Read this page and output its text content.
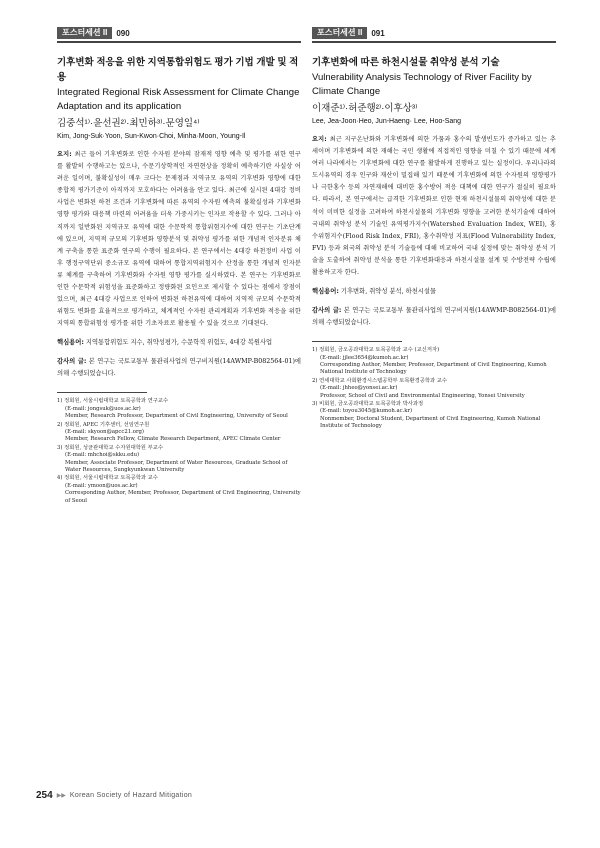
포스터세션 II	090

기후변화 적응을 위한 지역통합위험도 평가 기법 개발 및 적용

Integrated Regional Risk Assessment for Climate Change Adaptation and its application

김중석¹⁾·윤선권²⁾·최민하³⁾·문영일⁴⁾
Kim, Jong-Suk·Yoon, Sun-Kwon·Choi, Minha·Moon, Young-Il
요지: 최근 들어 기후변화로 인한 수자원 분야의 잠재적 영향 예측 및 평가를 위한 연구를 활발히 수행하고는 있으나, 수문기상학적인 자연현상을 정확히 예측하기란 사실상 어려운 일이며, 불확실성이 매우 크다는 문제점과 지역규모 유역의 기후변화 영향에 대한 종합적 평가기준이 아직까지 모호하다는 어려움을 안고 있다. 최근에 실시된 4대강 정비 사업은 변화된 하천 조건과 기후변화에 따른 유역의 수자원 예측의 불확실성과 기후변화 영향 평가와 대응책 마련의 어려움을 더욱 가중시키는 인자로 작용할 수 있다. 그러나 아직까지 일반화된 지역규모 유역에 대한 수문학적 통합위험지수에 대한 연구는 기초단계에 있으며, 지역적 규모의 기후변화 영향분석 및 취약성 평가를 위한 개념적 인자분류 체계 구축을 통한 표준화 연구의 수행이 필요하다. 본 연구에서는 4대강 하천정비 사업 이후 행정구역단위 중소규모 유역에 대하여 통합지역위험지수 산정을 통한 개념적 인자분류 체계를 구축하여 기후변화와 수자원 영향 평가를 실시하였다. 본 연구는 기후변화로 인한 수문학적 위험성을 표준화하고 정량화된 요인으로 제시할 수 있다는 점에서 장점이 있으며, 최근 4대강 사업으로 인하여 변화된 하천유역에 대하여 지역적 규모의 수문학적 위험도 변화를 효율적으로 평가하고, 체계적인 수자원 관리계획과 기후변화 적응을 위한 지역의 통합위험성 평가를 위한 기초자료로 활용될 수 있을 것으로 기대된다.
핵심용어: 지역통합위험도 지수, 취약성평가, 수문학적 위험도, 4대강 복원사업
감사의 글: 본 연구는 국토교통부 물관리사업의 연구비지원(14AWMP-B082564-01)에 의해 수행되었습니다.
1) 정회원, 서울시립대학교 토목공학과 연구교수
(E-mail: jongsuk@uos.ac.kr)
Member, Research Professor, Department of Civil Engineering, University of Seoul
2) 정회원, APEC 기후센터, 선임연구원
(E-mail: skyoon@apcc21.org)
Member, Research Fellow, Climate Research Department, APEC Climate Center
3) 정회원, 성균관대학교 수자원대학원 부교수
(E-mail: mhchoi@skku.edu)
Member, Associate Professor, Department of Water Resources, Graduate School of Water Resources, Sungkyunkwan University
4) 정회원, 서울시립대학교 토목공학과 교수
(E-mail: ymoon@uos.ac.kr)
Corresponding Author, Member, Professor, Department of Civil Engineering, University of Seoul
포스터세션 II	091

기후변화에 따른 하천시설물 취약성 분석 기술

Vulnerability Analysis Technology of River Facility by Climate Change

이재준¹⁾·허준행²⁾·이후상³⁾
Lee, Jea-Joon·Heo, Jun-Haeng· Lee, Hoo-Sang
요지: 최근 지구온난화와 기후변화에 의한 가뭄과 홍수의 발생빈도가 증가하고 있는 추세이며 기후변화에 의한 재해는 국민 생활에 직접적인 영향을 미칠 수 있기 때문에 세계 여러 나라에서는 기후변화에 대한 연구를 활발하게 진행하고 있는 실정이다. 우리나라의 도시유역의 경우 인구와 재산이 밀집해 있기 때문에 기후변화에 의한 수자원의 영향평가나 극한홍수 등의 자연재해에 대비한 홍수방어 적응 대책에 대한 연구가 절실히 필요하다. 따라서, 본 연구에서는 급격한 기후변화로 인한 현재 하천시설물의 취약성에 대한 분석이 미비한 실정을 고려하여 하천시설물의 기후변화 영향을 고려한 분석기술에 대하여 국내의 취약성 분석 기술인 유역평가지수(Watershed Evaluation Index, WEI), 홍수위험지수(Flood Risk Index, FRI), 홍수취약성 지표(Flood Vulnerability Index, FVI) 등과 외국의 취약성 분석 기술들에 대해 비교하여 국내 실정에 맞는 취약성 분석 기술을 도출하여 취약성 분석을 통한 기후변화대응과 하천시설물 설계 및 수방전략 수립에 활용하고자 한다.
핵심용어: 기후변화, 취약성 분석, 하천시설물
감사의 글: 본 연구는 국토교통부 물관리사업의 연구비지원(14AWMP-B082564-01)에 의해 수행되었습니다.
1) 정회원, 금오공과대학교 토목공학과 교수 (교신저자)
(E-mail: jjlee3654@kumoh.ac.kr)
Corresponding Author, Member, Professor, Department of Civil Engineering, Kumoh National Institute of Technology
2) 연세대학교 사회환경시스템공학부 토목환경공학과 교수
(E-mail: jhheo@yonsei.ac.kr)
Professor, School of Civil and Environmental Engineering, Yonsei University
3) 비회원, 금오공과대학교 토목공학과 박사과정
(E-mail: toyou3045@kumoh.ac.kr)
Nonmember, Doctoral Student, Department of Civil Engineering, Kumoh National Institute of Technology
254 ▶▶ Korean Society of Hazard Mitigation
